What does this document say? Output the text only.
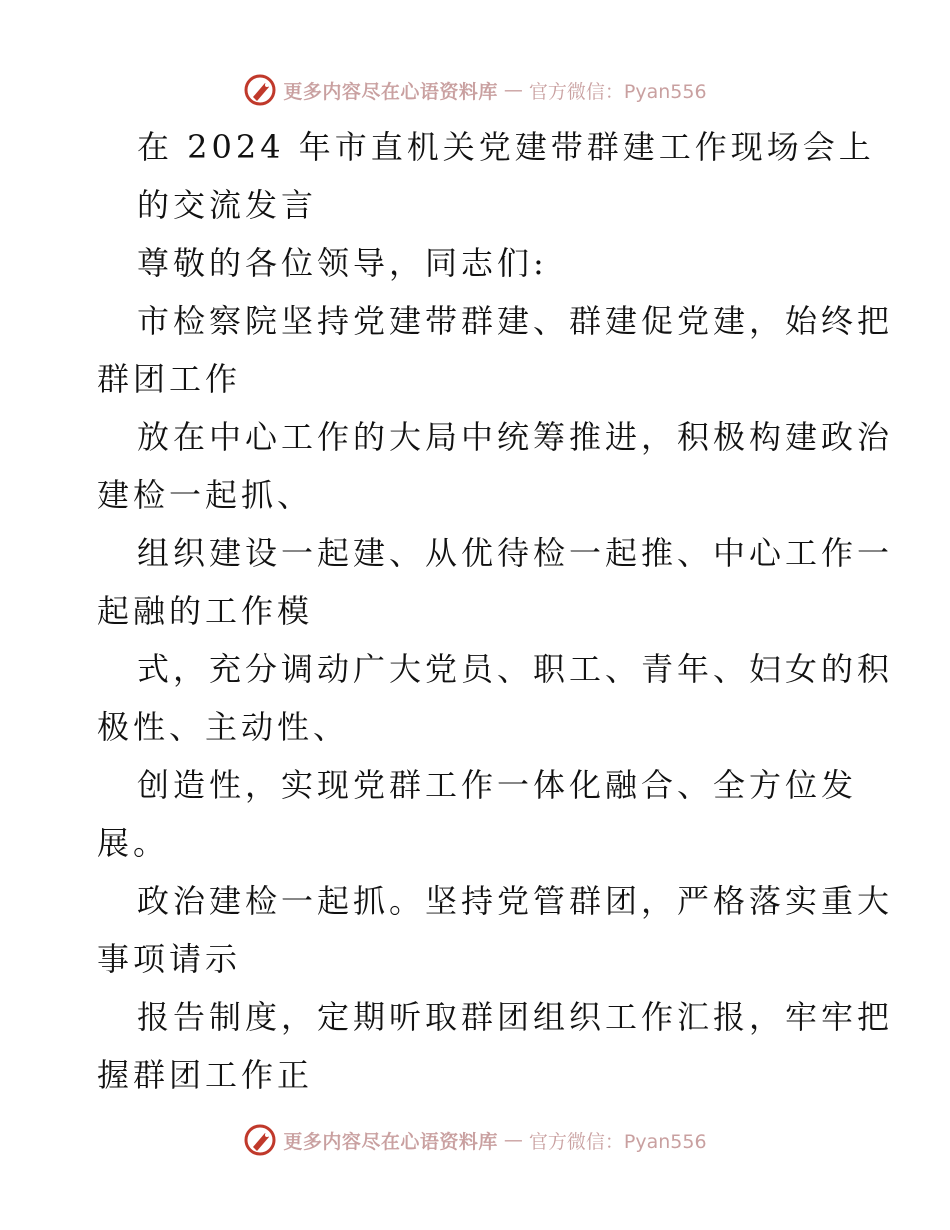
更多内容尽在心语资料库 — 官方微信：Pyan556
在 2024 年市直机关党建带群建工作现场会上
的交流发言
尊敬的各位领导，同志们:
市检察院坚持党建带群建、群建促党建，始终把
群团工作
放在中心工作的大局中统筹推进，积极构建政治
建检一起抓、
组织建设一起建、从优待检一起推、中心工作一
起融的工作模
式，充分调动广大党员、职工、青年、妇女的积
极性、主动性、
创造性，实现党群工作一体化融合、全方位发
展。
政治建检一起抓。坚持党管群团，严格落实重大
事项请示
报告制度，定期听取群团组织工作汇报，牢牢把
握群团工作正
更多内容尽在心语资料库 — 官方微信：Pyan556
